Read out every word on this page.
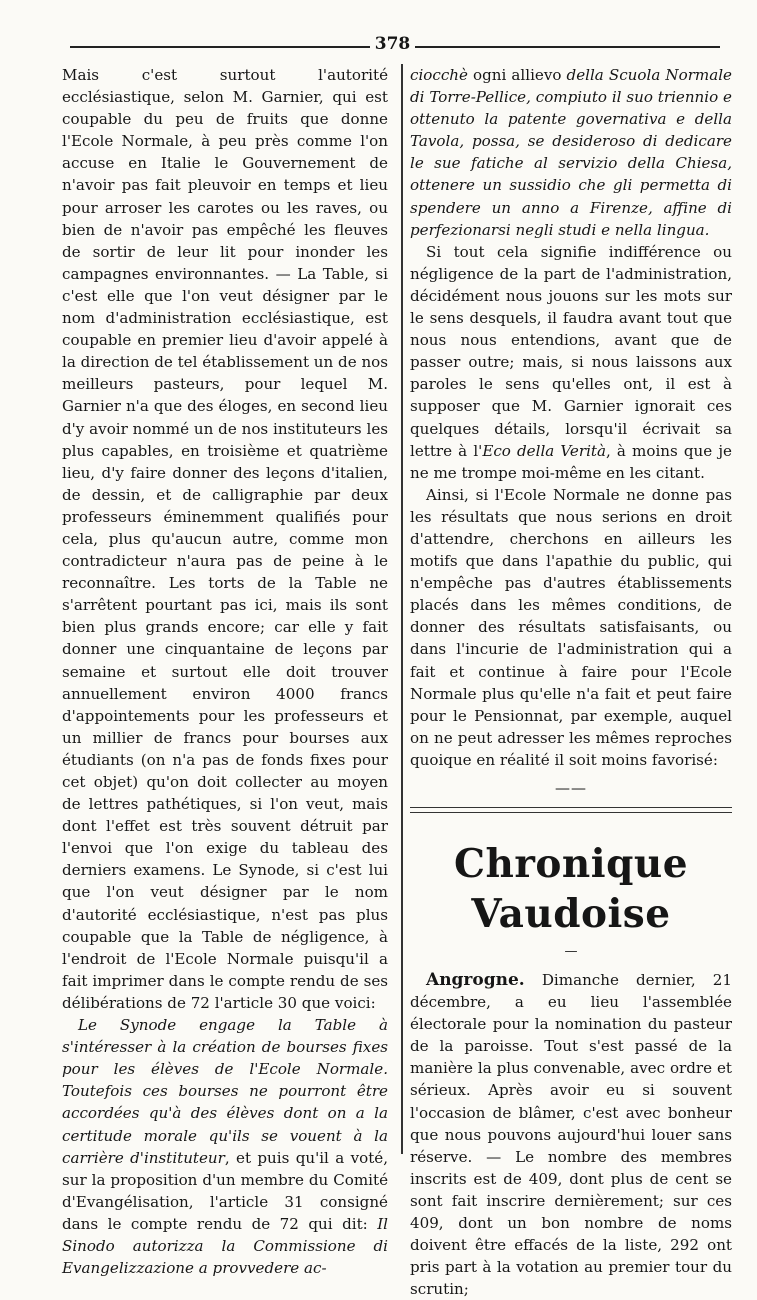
378

Mais c'est surtout l'autorité ecclésiastique, selon M. Garnier, qui est coupable du peu de fruits que donne l'Ecole Normale, à peu près comme l'on accuse en Italie le Gouvernement de n'avoir pas fait pleuvoir en temps et lieu pour arroser les carotes ou les raves, ou bien de n'avoir pas empêché les fleuves de sortir de leur lit pour inonder les campagnes environnantes. — La Table, si c'est elle que l'on veut désigner par le nom d'administration ecclésiastique, est coupable en premier lieu d'avoir appelé à la direction de tel établissement un de nos meilleurs pasteurs, pour lequel M. Garnier n'a que des éloges, en second lieu d'y avoir nommé un de nos instituteurs les plus capables, en troisième et quatrième lieu, d'y faire donner des leçons d'italien, de dessin, et de calligraphie par deux professeurs éminemment qualifiés pour cela, plus qu'aucun autre, comme mon contradicteur n'aura pas de peine à le reconnaître. Les torts de la Table ne s'arrêtent pourtant pas ici, mais ils sont bien plus grands encore; car elle y fait donner une cinquantaine de leçons par semaine et surtout elle doit trouver annuellement environ 4000 francs d'appointements pour les professeurs et un millier de francs pour bourses aux étudiants (on n'a pas de fonds fixes pour cet objet) qu'on doit collecter au moyen de lettres pathétiques, si l'on veut, mais dont l'effet est très souvent détruit par l'envoi que l'on exige du tableau des derniers examens. Le Synode, si c'est lui que l'on veut désigner par le nom d'autorité ecclésiastique, n'est pas plus coupable que la Table de négligence, à l'endroit de l'Ecole Normale puisqu'il a fait imprimer dans le compte rendu de ses délibérations de 72 l'article 30 que voici:

Le Synode engage la Table à s'intéresser à la création de bourses fixes pour les élèves de l'Ecole Normale. Toutefois ces bourses ne pourront être accordées qu'à des élèves dont on a la certitude morale qu'ils se vouent à la carrière d'instituteur, et puis qu'il a voté, sur la proposition d'un membre du Comité d'Evangélisation, l'article 31 consigné dans le compte rendu de 72 qui dit: Il Sinodo autorizza la Commissione di Evangelizzazione a provvedere ac-

ciocchè ogni allievo della Scuola Normale di Torre-Pellice, compiuto il suo triennio e ottenuto la patente governativa e della Tavola, possa, se desideroso di dedicare le sue fatiche al servizio della Chiesa, ottenere un sussidio che gli permetta di spendere un anno a Firenze, affine di perfezionarsi negli studi e nella lingua.

Si tout cela signifie indifférence ou négligence de la part de l'administration, décidément nous jouons sur les mots sur le sens desquels, il faudra avant tout que nous nous entendions, avant que de passer outre; mais, si nous laissons aux paroles le sens qu'elles ont, il est à supposer que M. Garnier ignorait ces quelques détails, lorsqu'il écrivait sa lettre à l'Eco della Verità, à moins que je ne me trompe moi-même en les citant.

Ainsi, si l'Ecole Normale ne donne pas les résultats que nous serions en droit d'attendre, cherchons en ailleurs les motifs que dans l'apathie du public, qui n'empêche pas d'autres établissements placés dans les mêmes conditions, de donner des résultats satisfaisants, ou dans l'incurie de l'administration qui a fait et continue à faire pour l'Ecole Normale plus qu'elle n'a fait et peut faire pour le Pensionnat, par exemple, auquel on ne peut adresser les mêmes reproches quoique en réalité il soit moins favorisé:

——
Chronique Vaudoise
—

Angrogne. Dimanche dernier, 21 décembre, a eu lieu l'assemblée électorale pour la nomination du pasteur de la paroisse. Tout s'est passé de la manière la plus convenable, avec ordre et sérieux. Après avoir eu si souvent l'occasion de blâmer, c'est avec bonheur que nous pouvons aujourd'hui louer sans réserve. — Le nombre des membres inscrits est de 409, dont plus de cent se sont fait inscrire dernièrement; sur ces 409, dont un bon nombre de noms doivent être effacés de la liste, 292 ont pris part à la votation au premier tour du scrutin;
